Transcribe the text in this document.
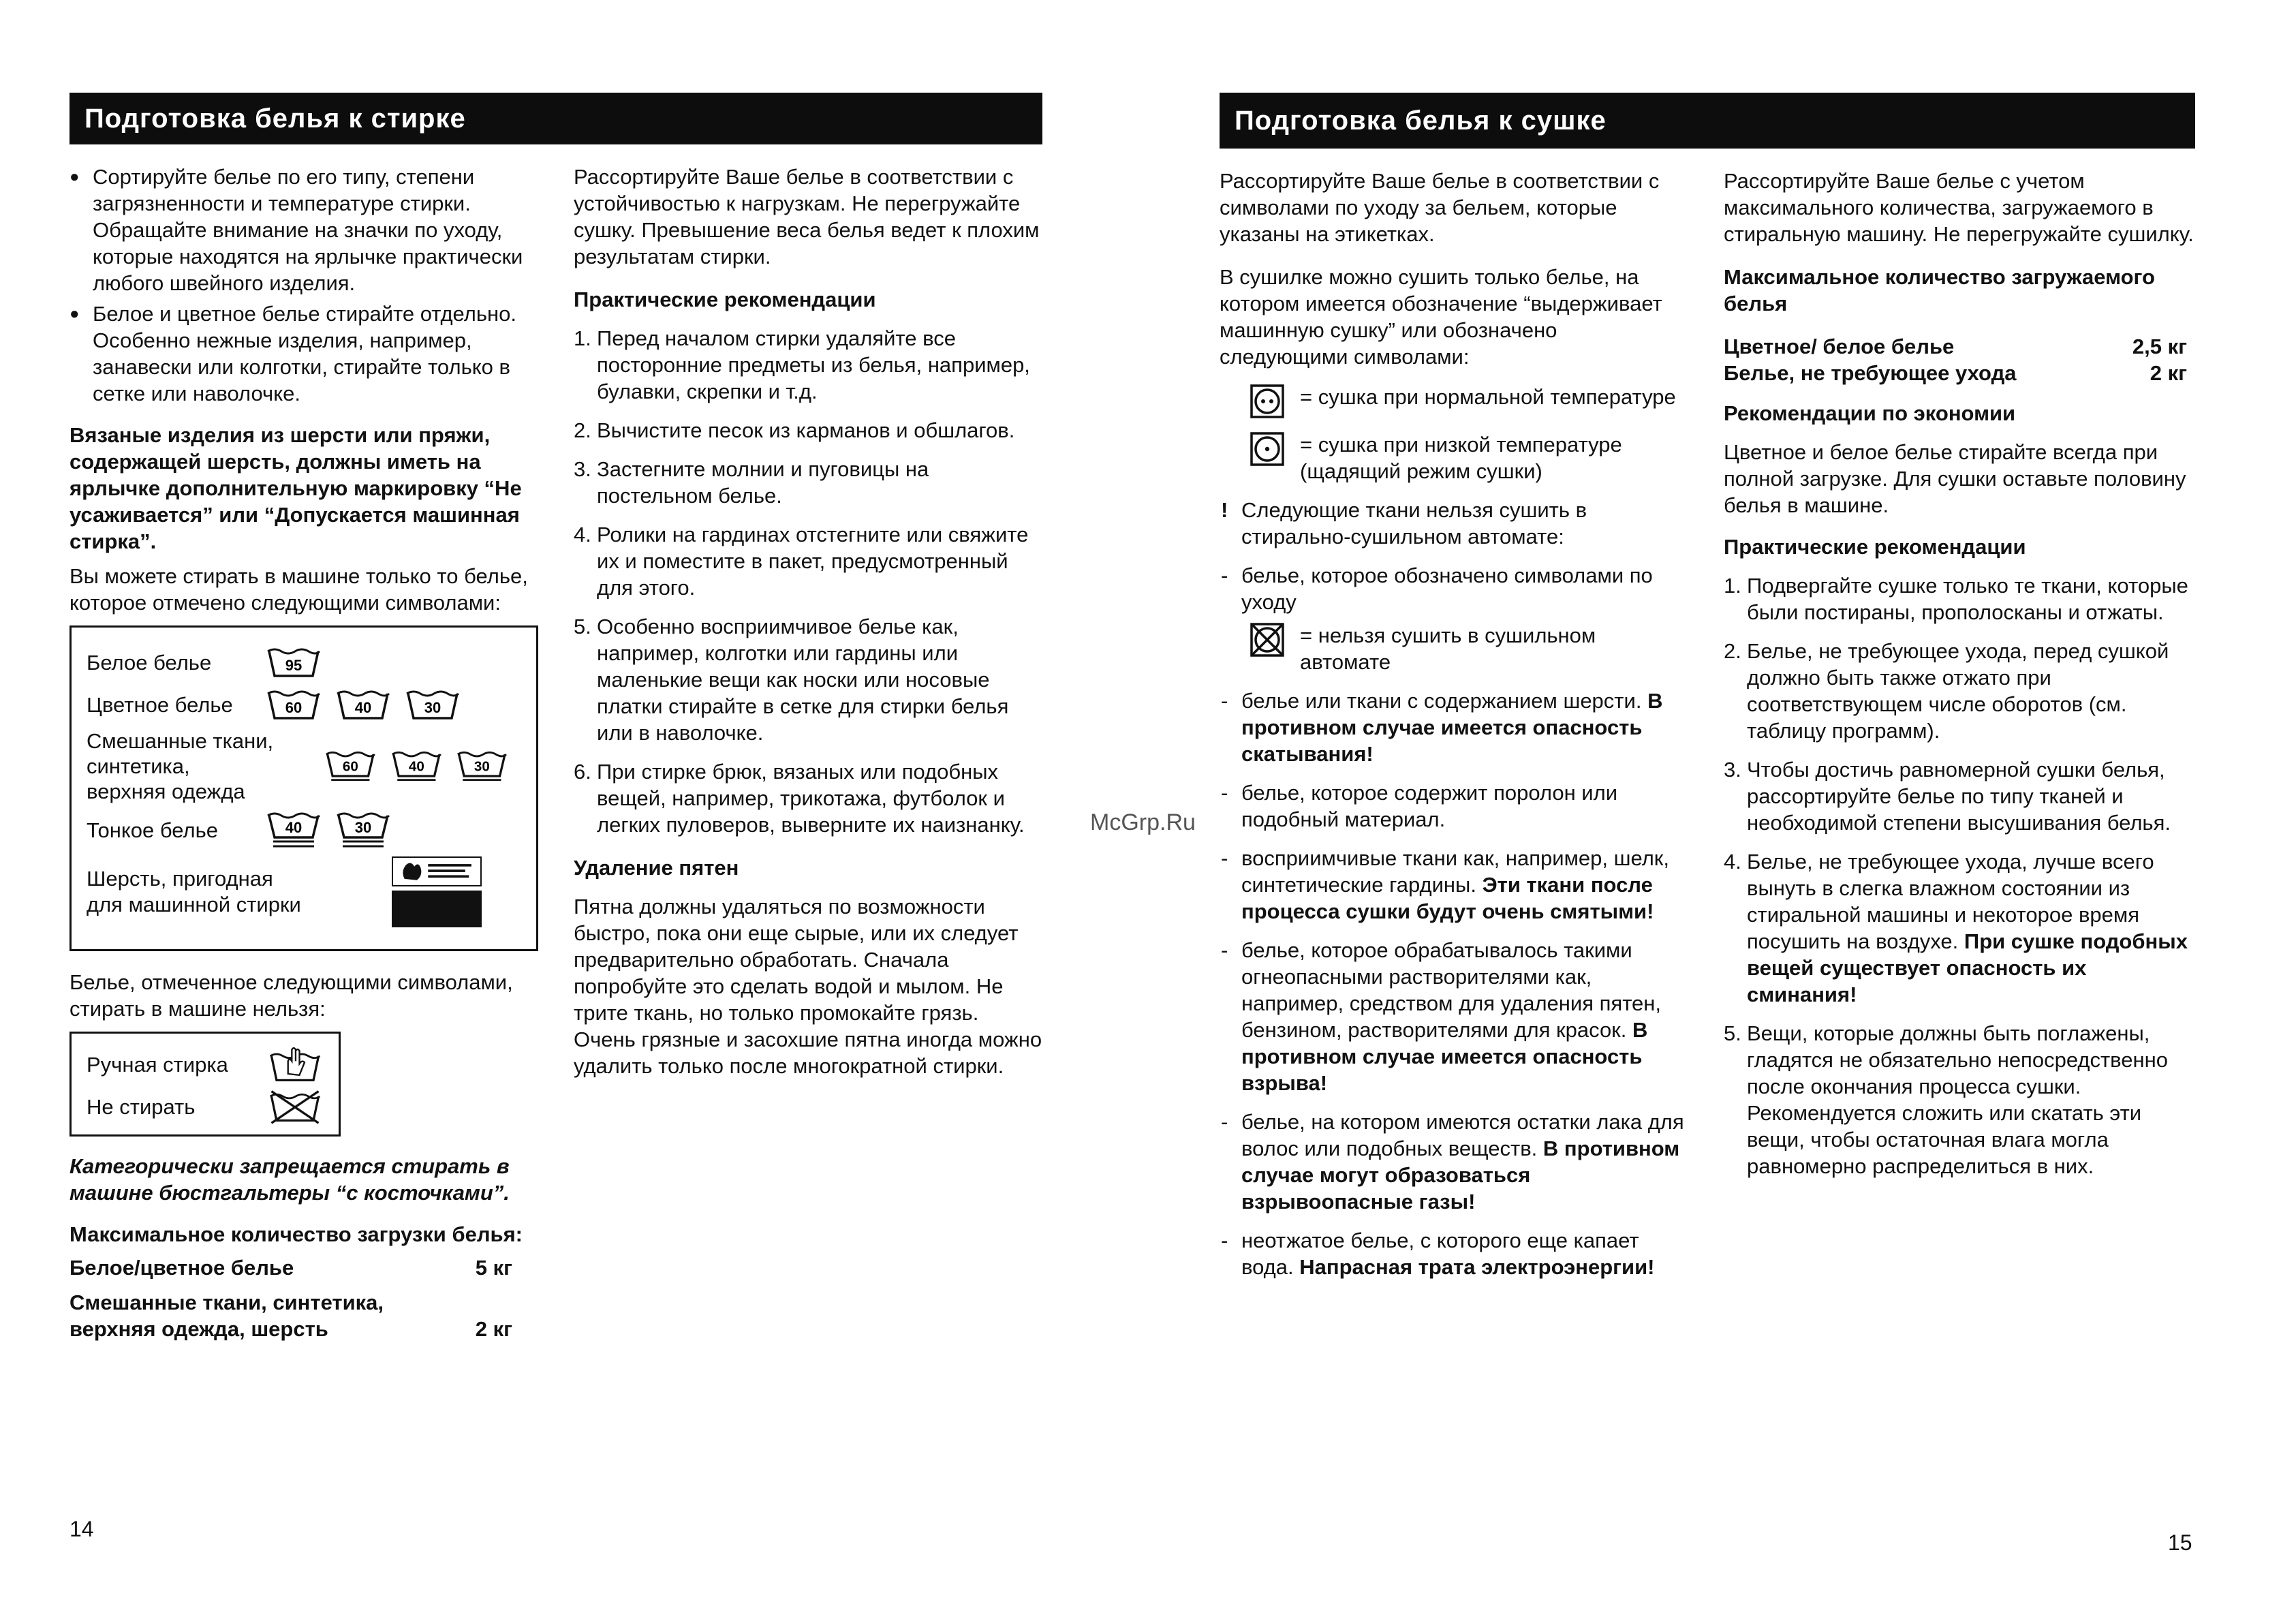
Подготовка белья к стирке
● Сортируйте белье по его типу, степени загрязненности и температуре стирки. Обращайте внимание на значки по уходу, которые находятся на ярлычке практически любого швейного изделия.
● Белое и цветное белье стирайте отдельно. Особенно нежные изделия, например, занавески или колготки, стирайте только в сетке или наволочке.

Вязаные изделия из шерсти или пряжи, содержащей шерсть, должны иметь на ярлычке дополнительную маркировку “Не усаживается” или “Допускается машинная стирка”.

Вы можете стирать в машине только то белье, которое отмечено следующими символами:

Белое белье	95
Цветное белье	60	40	30
Смешанные ткани,
синтетика,
верхняя одежда
60	40	30
Тонкое белье	40	30
Шерсть, пригодная
для машинной стирки

Белье, отмеченное следующими символами, стирать в машине нельзя:

Ручная стирка
Не стирать

Категорически запрещается стирать в машине бюстгальтеры “с косточками”.

Максимальное количество загрузки белья:

Белое/цветное белье	5 кг
Смешанные ткани, синтетика,
верхняя одежда, шерсть	2 кг

Рассортируйте Ваше белье в соответствии с устойчивостью к нагрузкам. Не перегружайте сушку. Превышение веса белья ведет к плохим результатам стирки.

Практические рекомендации

1. Перед началом стирки удаляйте все посторонние предметы из белья, например, булавки, скрепки и т.д.
2. Вычистите песок из карманов и обшлагов.
3. Застегните молнии и пуговицы на постельном белье.
4. Ролики на гардинах отстегните или свяжите их и поместите в пакет, предусмотренный для этого.
5. Особенно восприимчивое белье как, например, колготки или гардины или маленькие вещи как носки или носовые платки стирайте в сетке для стирки белья или в наволочке.
6. При стирке брюк, вязаных или подобных вещей, например, трикотажа, футболок и легких пуловеров, выверните их наизнанку.

Удаление пятен

Пятна должны удаляться по возможности быстро, пока они еще сырые, или их следует предварительно обработать. Сначала попробуйте это сделать водой и мылом. Не трите ткань, но только промокайте грязь.

Очень грязные и засохшие пятна иногда можно удалить только после многократной стирки.

14
McGrp.Ru
Подготовка белья к сушке

Рассортируйте Ваше белье в соответствии с символами по уходу за бельем, которые указаны на этикетках.

В сушилке можно сушить только белье, на котором имеется обозначение “выдерживает машинную сушку” или обозначено следующими символами:

= сушка при нормальной температуре
= сушка при низкой температуре (щадящий режим сушки)
! Следующие ткани нельзя сушить в стирально-сушильном автомате:
- белье, которое обозначено символами по уходу
= нельзя сушить в сушильном автомате
- белье или ткани с содержанием шерсти. В противном случае имеется опасность скатывания!
- белье, которое содержит поролон или подобный материал.
- восприимчивые ткани как, например, шелк, синтетические гардины. Эти ткани после процесса сушки будут очень смятыми!
- белье, которое обрабатывалось такими огнеопасными растворителями как, например, средством для удаления пятен, бензином, растворителями для красок. В противном случае имеется опасность взрыва!
- белье, на котором имеются остатки лака для волос или подобных веществ. В противном случае могут образоваться взрывоопасные газы!
- неотжатое белье, с которого еще капает вода. Напрасная трата электроэнергии!

Рассортируйте Ваше белье с учетом максимального количества, загружаемого в стиральную машину. Не перегружайте сушилку.

Максимальное количество загружаемого белья

Цветное/ белое белье	2,5 кг
Белье, не требующее ухода	2 кг

Рекомендации по экономии

Цветное и белое белье стирайте всегда при полной загрузке. Для сушки оставьте половину белья в машине.

Практические рекомендации

1. Подвергайте сушке только те ткани, которые были постираны, прополосканы и отжаты.
2. Белье, не требующее ухода, перед сушкой должно быть также отжато при соответствующем числе оборотов (см. таблицу программ).
3. Чтобы достичь равномерной сушки белья, рассортируйте белье по типу тканей и необходимой степени высушивания белья.
4. Белье, не требующее ухода, лучше всего вынуть в слегка влажном состоянии из стиральной машины и некоторое время посушить на воздухе. При сушке подобных вещей существует опасность их сминания!
5. Вещи, которые должны быть поглажены, гладятся не обязательно непосредственно после окончания процесса сушки. Рекомендуется сложить или скатать эти вещи, чтобы остаточная влага могла равномерно распределиться в них.
15
